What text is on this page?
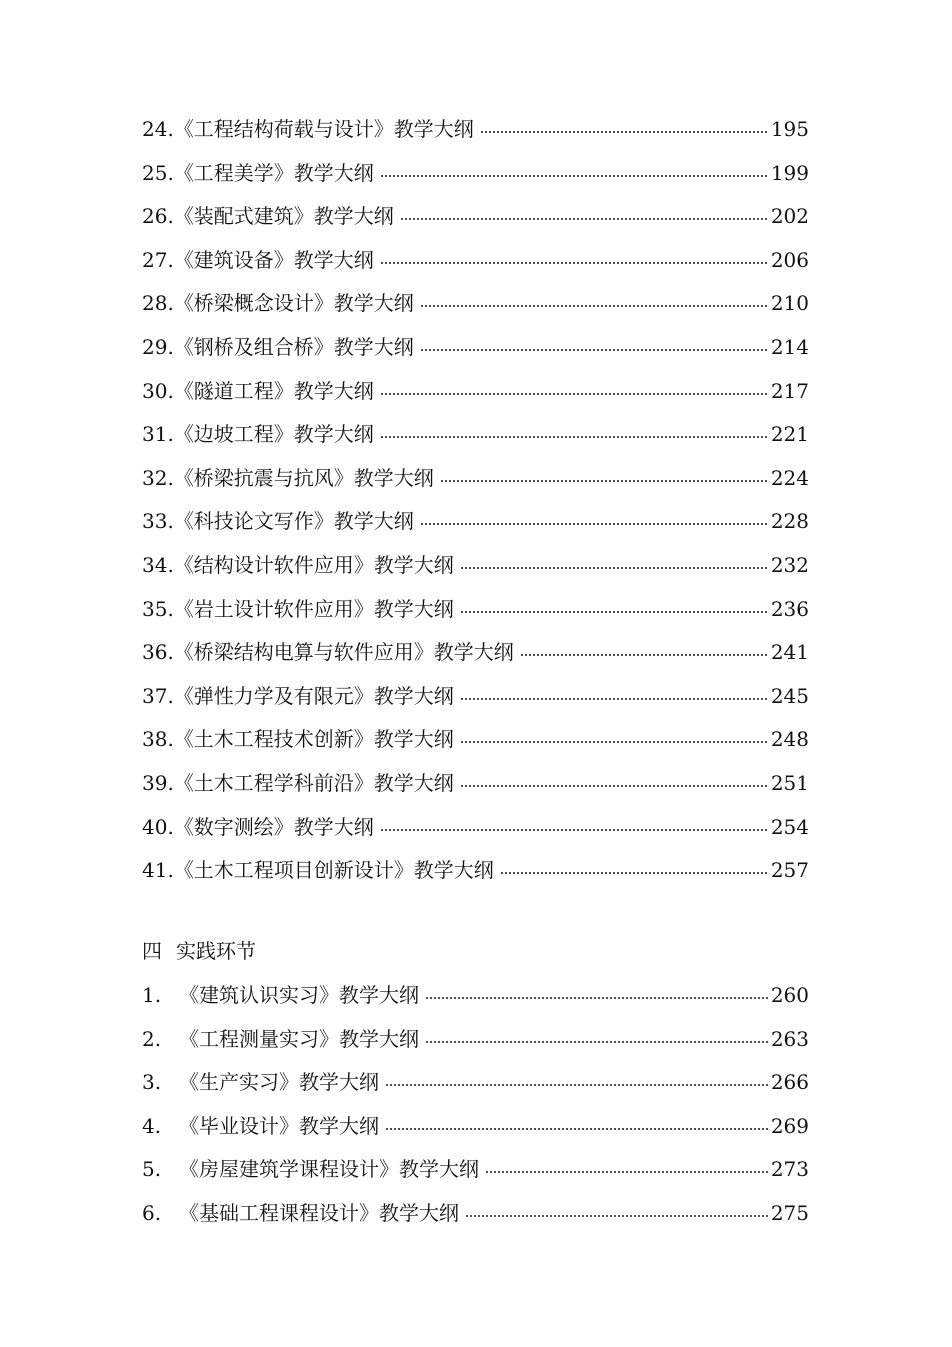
24. 《工程结构荷载与设计》教学大纲	195
25. 《工程美学》教学大纲	199
26. 《装配式建筑》教学大纲	202
27. 《建筑设备》教学大纲	206
28. 《桥梁概念设计》教学大纲	210
29. 《钢桥及组合桥》教学大纲	214
30. 《隧道工程》教学大纲	217
31. 《边坡工程》教学大纲	221
32. 《桥梁抗震与抗风》教学大纲	224
33. 《科技论文写作》教学大纲	228
34. 《结构设计软件应用》教学大纲	232
35. 《岩土设计软件应用》教学大纲	236
36. 《桥梁结构电算与软件应用》教学大纲	241
37. 《弹性力学及有限元》教学大纲	245
38. 《土木工程技术创新》教学大纲	248
39. 《土木工程学科前沿》教学大纲	251
40. 《数字测绘》教学大纲	254
41. 《土木工程项目创新设计》教学大纲	257
四 实践环节
1. 《建筑认识实习》教学大纲	260
2. 《工程测量实习》教学大纲	263
3. 《生产实习》教学大纲	266
4. 《毕业设计》教学大纲	269
5. 《房屋建筑学课程设计》教学大纲	273
6. 《基础工程课程设计》教学大纲	275
